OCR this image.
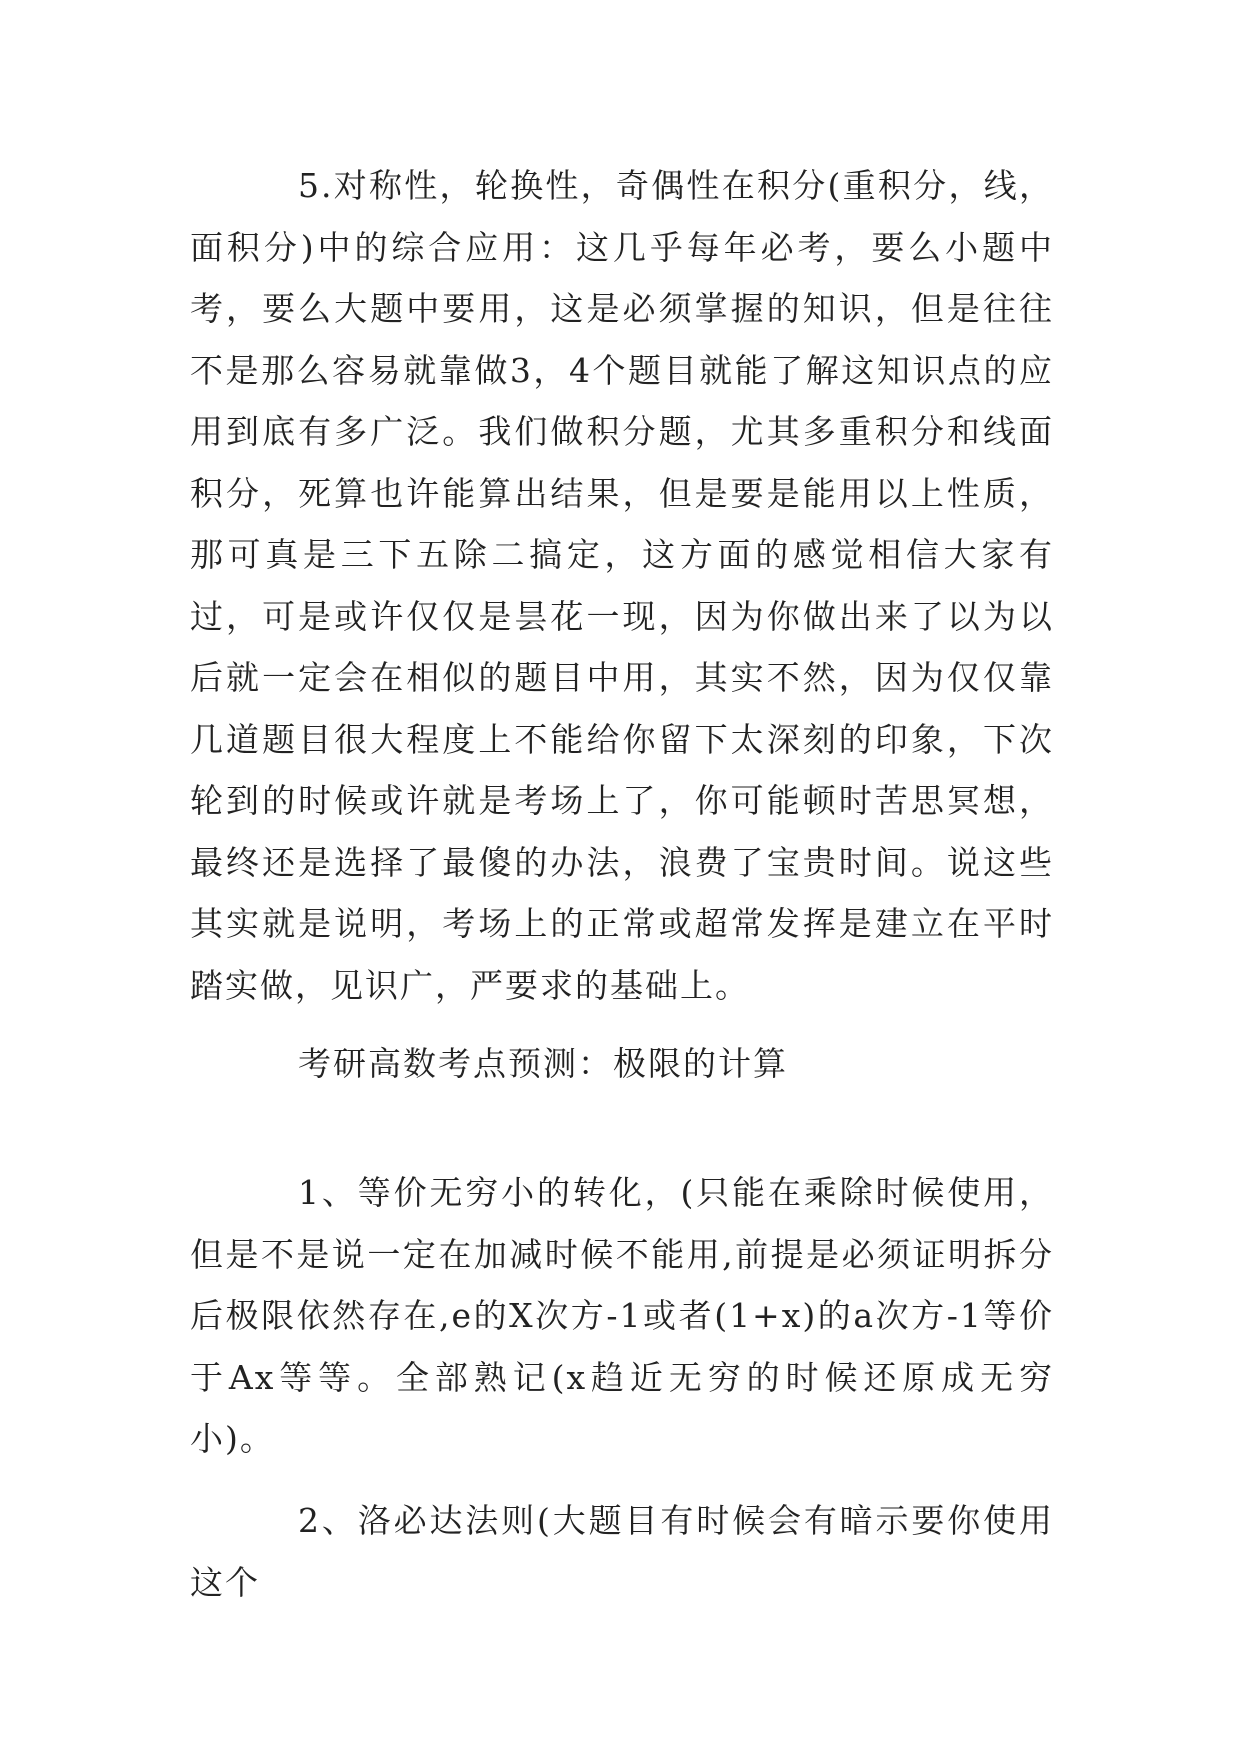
5.对称性，轮换性，奇偶性在积分(重积分，线，面积分)中的综合应用：这几乎每年必考，要么小题中考，要么大题中要用，这是必须掌握的知识，但是往往不是那么容易就靠做3，4个题目就能了解这知识点的应用到底有多广泛。我们做积分题，尤其多重积分和线面积分，死算也许能算出结果，但是要是能用以上性质，那可真是三下五除二搞定，这方面的感觉相信大家有过，可是或许仅仅是昙花一现，因为你做出来了以为以后就一定会在相似的题目中用，其实不然，因为仅仅靠几道题目很大程度上不能给你留下太深刻的印象，下次轮到的时候或许就是考场上了，你可能顿时苦思冥想，最终还是选择了最傻的办法，浪费了宝贵时间。说这些其实就是说明，考场上的正常或超常发挥是建立在平时踏实做，见识广，严要求的基础上。

考研高数考点预测：极限的计算

1、等价无穷小的转化，(只能在乘除时候使用，但是不是说一定在加减时候不能用,前提是必须证明拆分后极限依然存在,e的X次方-1或者(1+x)的a次方-1等价于Ax等等。全部熟记(x趋近无穷的时候还原成无穷小)。

2、洛必达法则(大题目有时候会有暗示要你使用这个
